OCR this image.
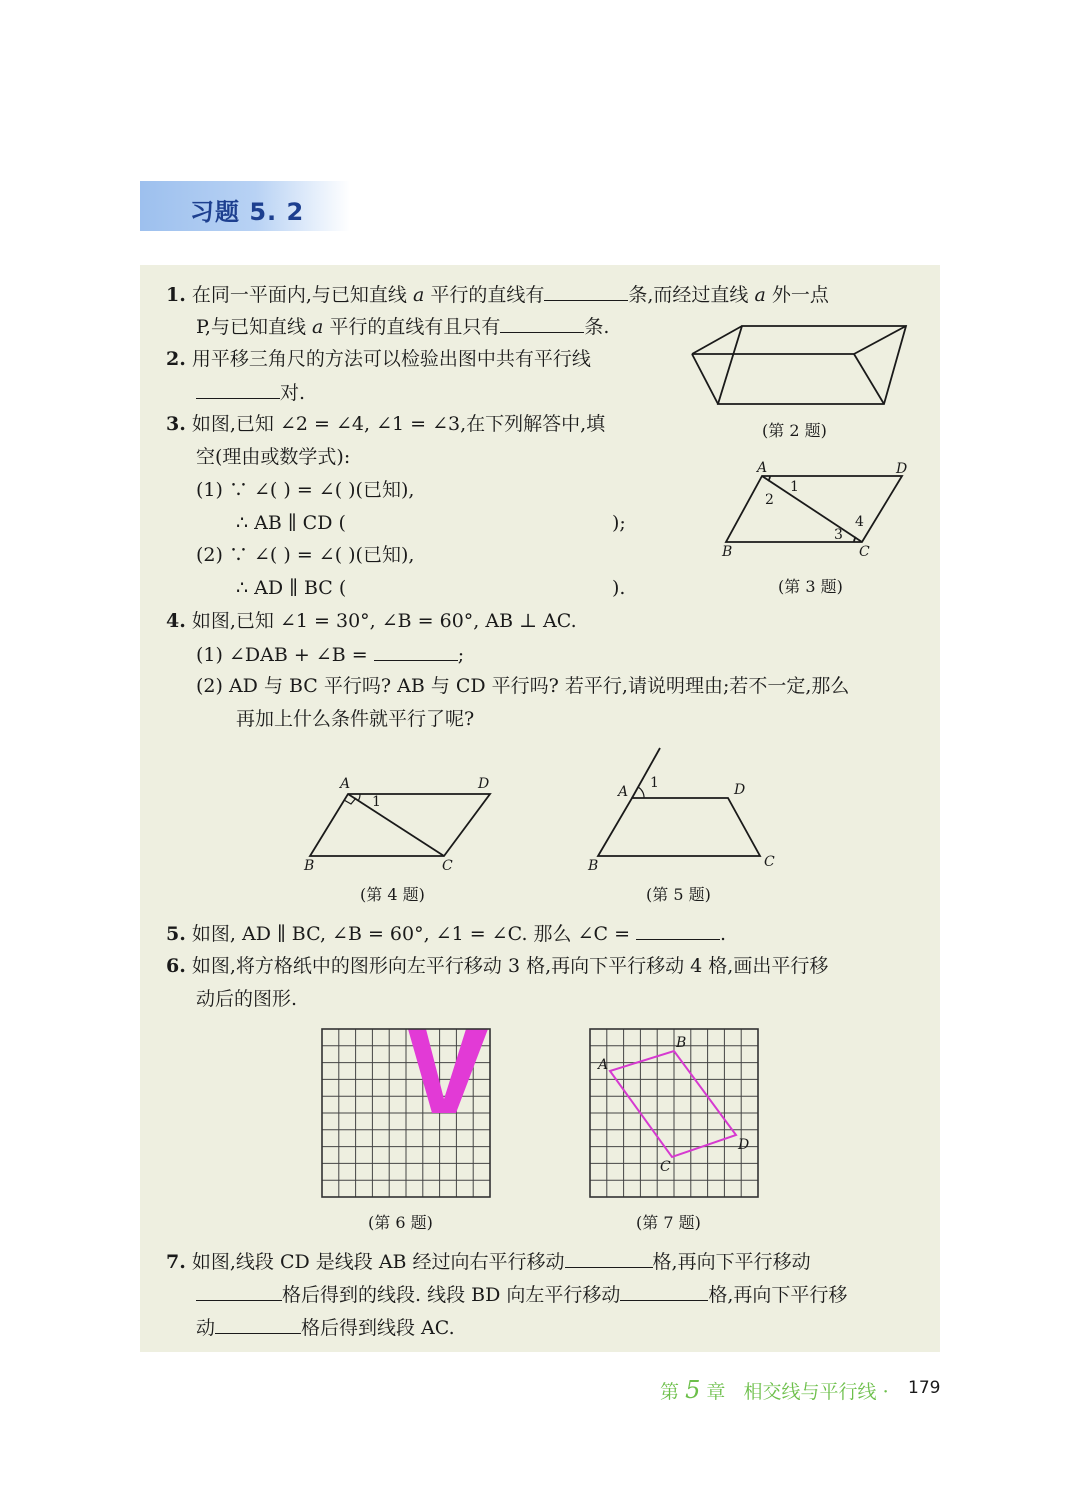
习题 5. 2
1. 在同一平面内,与已知直线 a 平行的直线有	条,而经过直线 a 外一点
P,与已知直线 a 平行的直线有且只有	条.
2. 用平移三角尺的方法可以检验出图中共有平行线
对.
3. 如图,已知 ∠2 = ∠4, ∠1 = ∠3,在下列解答中,填
空(理由或数学式):
(1) ∵ ∠( ) = ∠( )(已知),
∴ AB ∥ CD (	);
(2) ∵ ∠( ) = ∠( )(已知),
∴ AD ∥ BC (	).
4. 如图,已知 ∠1 = 30°, ∠B = 60°, AB ⊥ AC.
(1) ∠DAB + ∠B =	;
(2) AD 与 BC 平行吗? AB 与 CD 平行吗? 若平行,请说明理由;若不一定,那么
再加上什么条件就平行了呢?
5. 如图, AD ∥ BC, ∠B = 60°, ∠1 = ∠C. 那么 ∠C =	.
6. 如图,将方格纸中的图形向左平行移动 3 格,再向下平行移动 4 格,画出平行移
动后的图形.
7. 如图,线段 CD 是线段 AB 经过向右平行移动	格,再向下平行移动
格后得到的线段. 线段 BD 向左平行移动	格,再向下平行移
动	格后得到线段 AC.
(第 2 题)
A	D
B	C
1
2
3
4
(第 3 题)
A	D
B	C
1
(第 4 题)
A	D
B	C
1
(第 5 题)
(第 6 题)
A
B
C
D
(第 7 题)
第 5 章 相交线与平行线 · 179
